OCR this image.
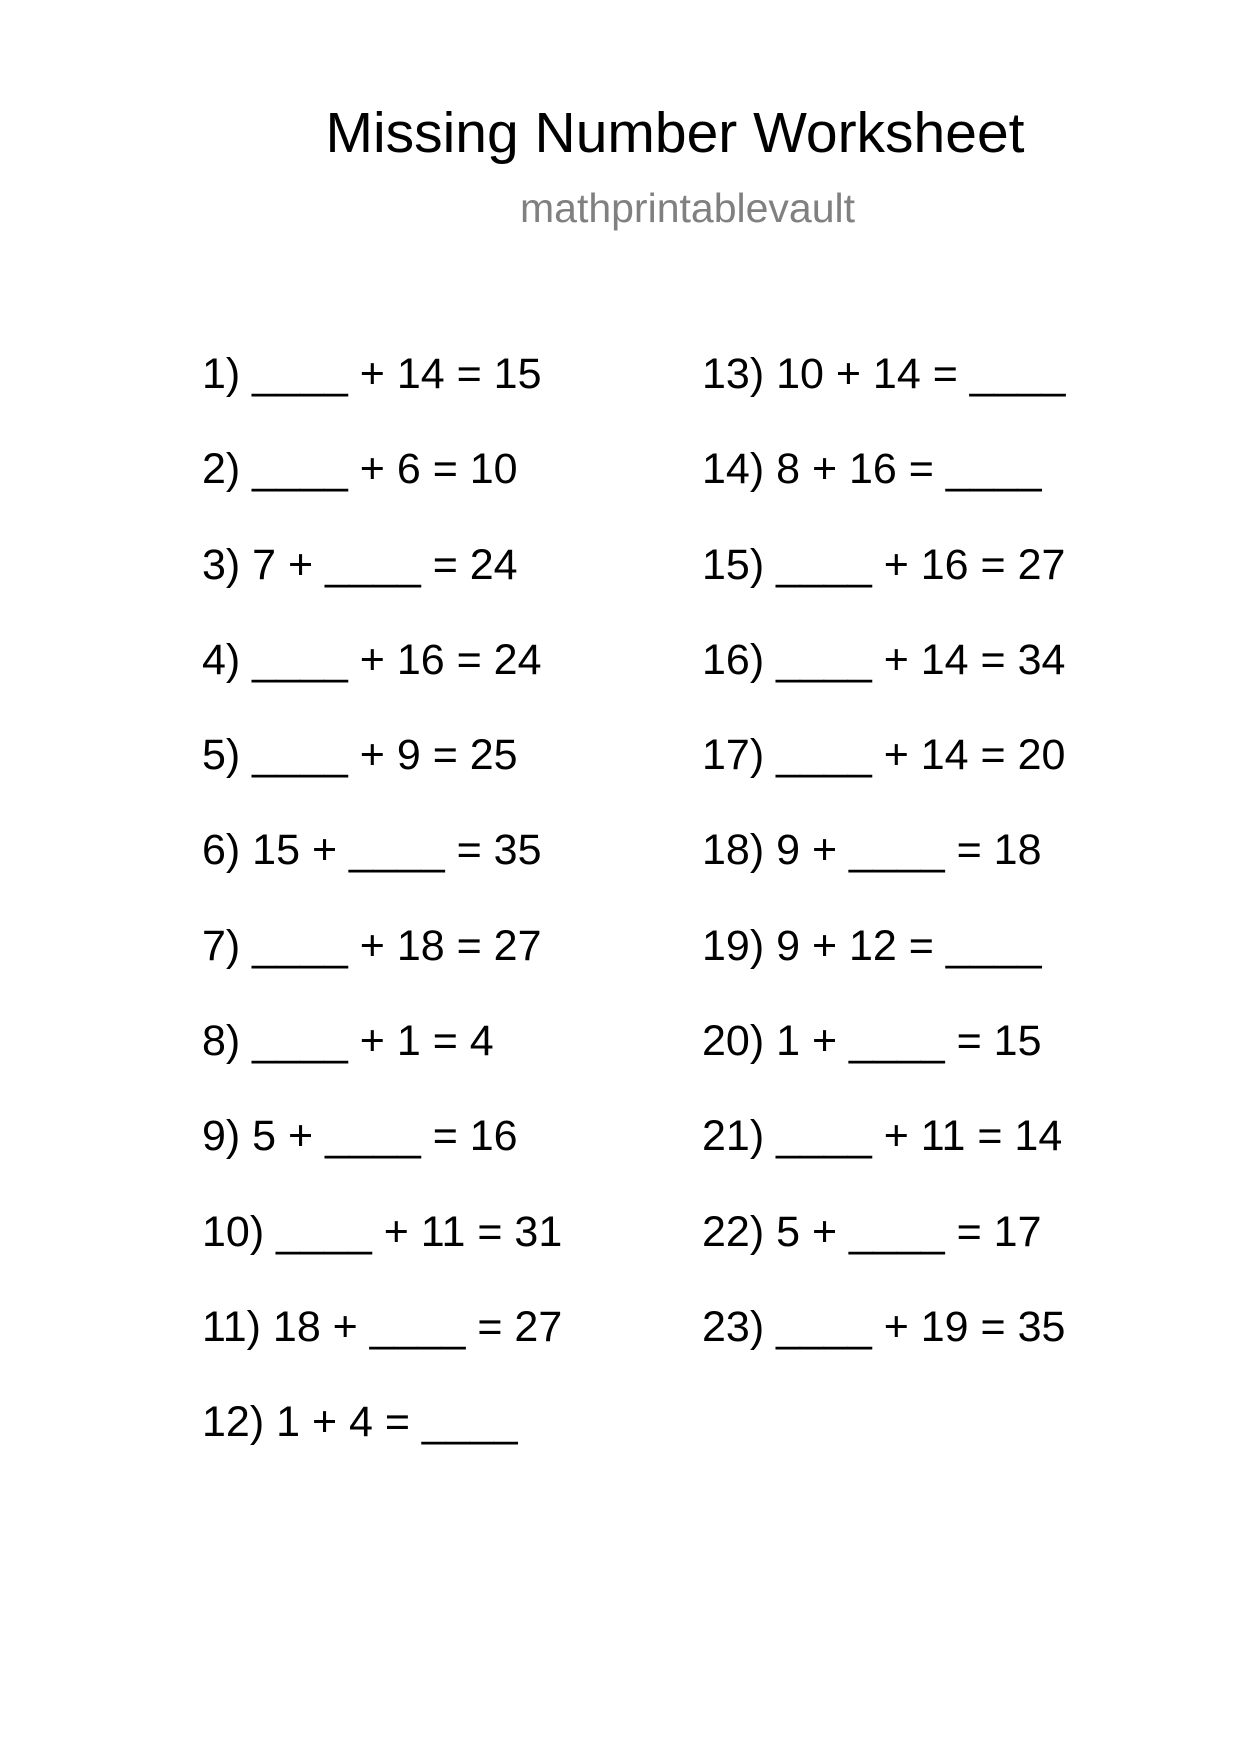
Missing Number Worksheet
mathprintablevault
1) ____ + 14 = 15
2) ____ + 6 = 10
3) 7 + ____ = 24
4) ____ + 16 = 24
5) ____ + 9 = 25
6) 15 + ____ = 35
7) ____ + 18 = 27
8) ____ + 1 = 4
9) 5 + ____ = 16
10) ____ + 11 = 31
11) 18 + ____ = 27
12) 1 + 4 = ____
13) 10 + 14 = ____
14) 8 + 16 = ____
15) ____ + 16 = 27
16) ____ + 14 = 34
17) ____ + 14 = 20
18) 9 + ____ = 18
19) 9 + 12 = ____
20) 1 + ____ = 15
21) ____ + 11 = 14
22) 5 + ____ = 17
23) ____ + 19 = 35
